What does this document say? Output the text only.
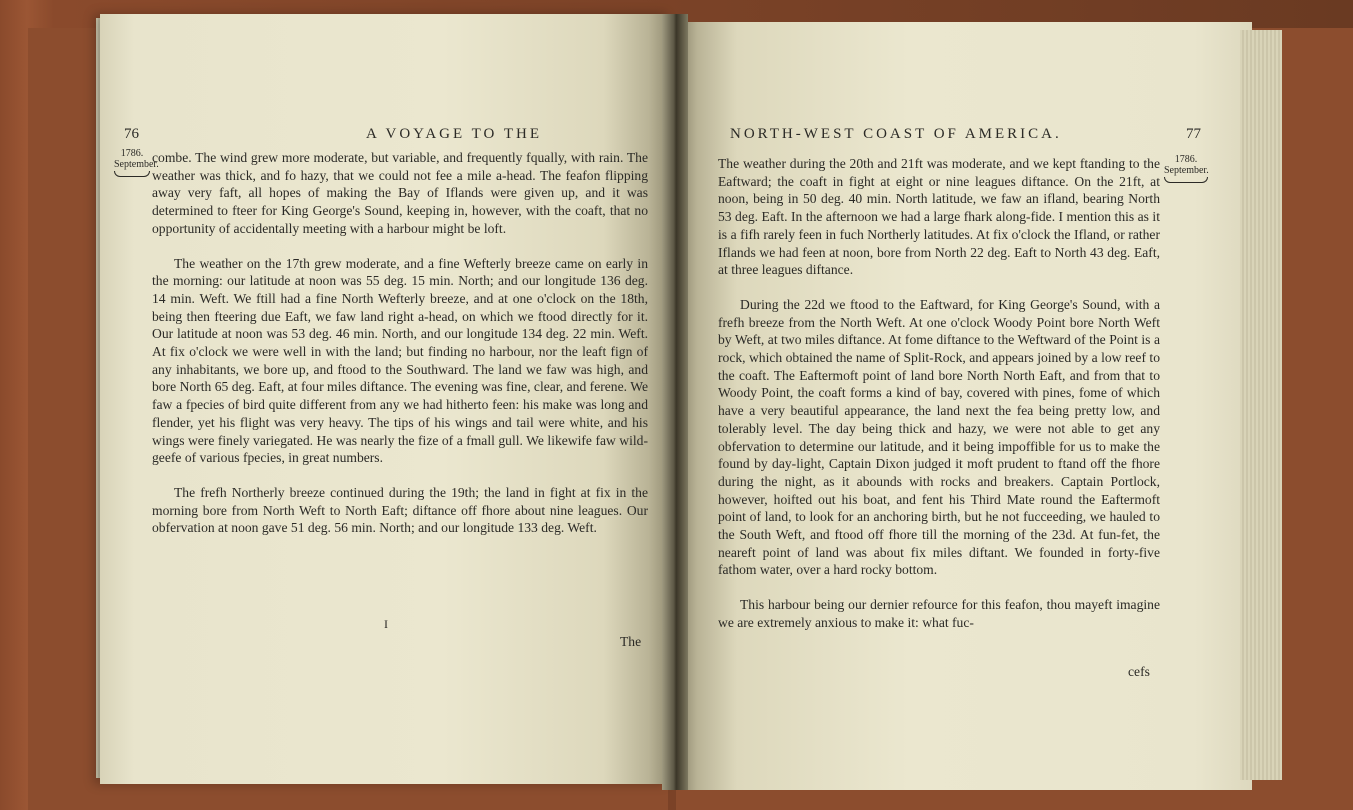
76	A VOYAGE TO THE
1786.
September.

combe. The wind grew more moderate, but variable, and frequently fqually, with rain. The weather was thick, and fo hazy, that we could not fee a mile a-head. The feafon flipping away very faft, all hopes of making the Bay of Iflands were given up, and it was determined to fteer for King George's Sound, keeping in, however, with the coaft, that no opportunity of accidentally meeting with a harbour might be loft.

The weather on the 17th grew moderate, and a fine Wefterly breeze came on early in the morning: our latitude at noon was 55 deg. 15 min. North; and our longitude 136 deg. 14 min. Weft. We ftill had a fine North Wefterly breeze, and at one o'clock on the 18th, being then fteering due Eaft, we faw land right a-head, on which we ftood directly for it. Our latitude at noon was 53 deg. 46 min. North, and our longitude 134 deg. 22 min. Weft. At fix o'clock we were well in with the land; but finding no harbour, nor the leaft fign of any inhabitants, we bore up, and ftood to the Southward. The land we faw was high, and bore North 65 deg. Eaft, at four miles diftance. The evening was fine, clear, and ferene. We faw a fpecies of bird quite different from any we had hitherto feen: his make was long and flender, yet his flight was very heavy. The tips of his wings and tail were white, and his wings were finely variegated. He was nearly the fize of a fmall gull. We likewife faw wild-geefe of various fpecies, in great numbers.

The frefh Northerly breeze continued during the 19th; the land in fight at fix in the morning bore from North Weft to North Eaft; diftance off fhore about nine leagues. Our obfervation at noon gave 51 deg. 56 min. North; and our longitude 133 deg. Weft.

I
The
NORTH-WEST COAST OF AMERICA.	77
1786.
September.

The weather during the 20th and 21ft was moderate, and we kept ftanding to the Eaftward; the coaft in fight at eight or nine leagues diftance. On the 21ft, at noon, being in 50 deg. 40 min. North latitude, we faw an ifland, bearing North 53 deg. Eaft. In the afternoon we had a large fhark along-fide. I mention this as it is a fifh rarely feen in fuch Northerly latitudes. At fix o'clock the Ifland, or rather Iflands we had feen at noon, bore from North 22 deg. Eaft to North 43 deg. Eaft, at three leagues diftance.

During the 22d we ftood to the Eaftward, for King George's Sound, with a frefh breeze from the North Weft. At one o'clock Woody Point bore North Weft by Weft, at two miles diftance. At fome diftance to the Weftward of the Point is a rock, which obtained the name of Split-Rock, and appears joined by a low reef to the coaft. The Eaftermoft point of land bore North North Eaft, and from that to Woody Point, the coaft forms a kind of bay, covered with pines, fome of which have a very beautiful appearance, the land next the fea being pretty low, and tolerably level. The day being thick and hazy, we were not able to get any obfervation to determine our latitude, and it being impoffible for us to make the found by day-light, Captain Dixon judged it moft prudent to ftand off the fhore during the night, as it abounds with rocks and breakers. Captain Portlock, however, hoifted out his boat, and fent his Third Mate round the Eaftermoft point of land, to look for an anchoring birth, but he not fucceeding, we hauled to the South Weft, and ftood off fhore till the morning of the 23d. At fun-fet, the neareft point of land was about fix miles diftant. We founded in forty-five fathom water, over a hard rocky bottom.

This harbour being our dernier refource for this feafon, thou mayeft imagine we are extremely anxious to make it: what fuc-

cefs
